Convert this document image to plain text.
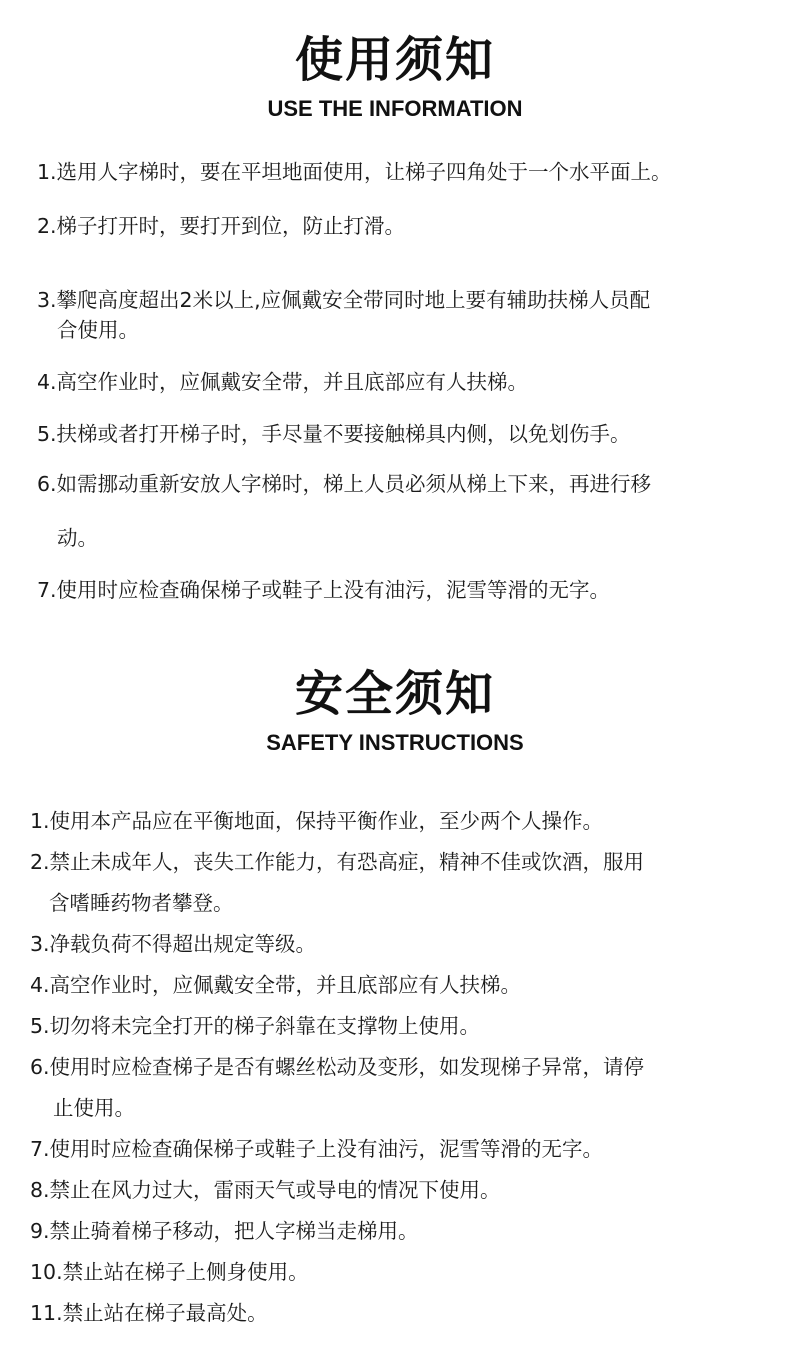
使用须知
USE THE INFORMATION
1.选用人字梯时，要在平坦地面使用，让梯子四角处于一个水平面上。
2.梯子打开时，要打开到位，防止打滑。
3.攀爬高度超出2米以上,应佩戴安全带同时地上要有辅助扶梯人员配
合使用。
4.高空作业时，应佩戴安全带，并且底部应有人扶梯。
5.扶梯或者打开梯子时，手尽量不要接触梯具内侧，以免划伤手。
6.如需挪动重新安放人字梯时，梯上人员必须从梯上下来，再进行移
动。
7.使用时应检查确保梯子或鞋子上没有油污，泥雪等滑的无字。
安全须知
SAFETY INSTRUCTIONS
1.使用本产品应在平衡地面，保持平衡作业，至少两个人操作。
2.禁止未成年人，丧失工作能力，有恐高症，精神不佳或饮酒，服用
含嗜睡药物者攀登。
3.净载负荷不得超出规定等级。
4.高空作业时，应佩戴安全带，并且底部应有人扶梯。
5.切勿将未完全打开的梯子斜靠在支撑物上使用。
6.使用时应检查梯子是否有螺丝松动及变形，如发现梯子异常，请停
止使用。
7.使用时应检查确保梯子或鞋子上没有油污，泥雪等滑的无字。
8.禁止在风力过大，雷雨天气或导电的情况下使用。
9.禁止骑着梯子移动，把人字梯当走梯用。
10.禁止站在梯子上侧身使用。
11.禁止站在梯子最高处。
